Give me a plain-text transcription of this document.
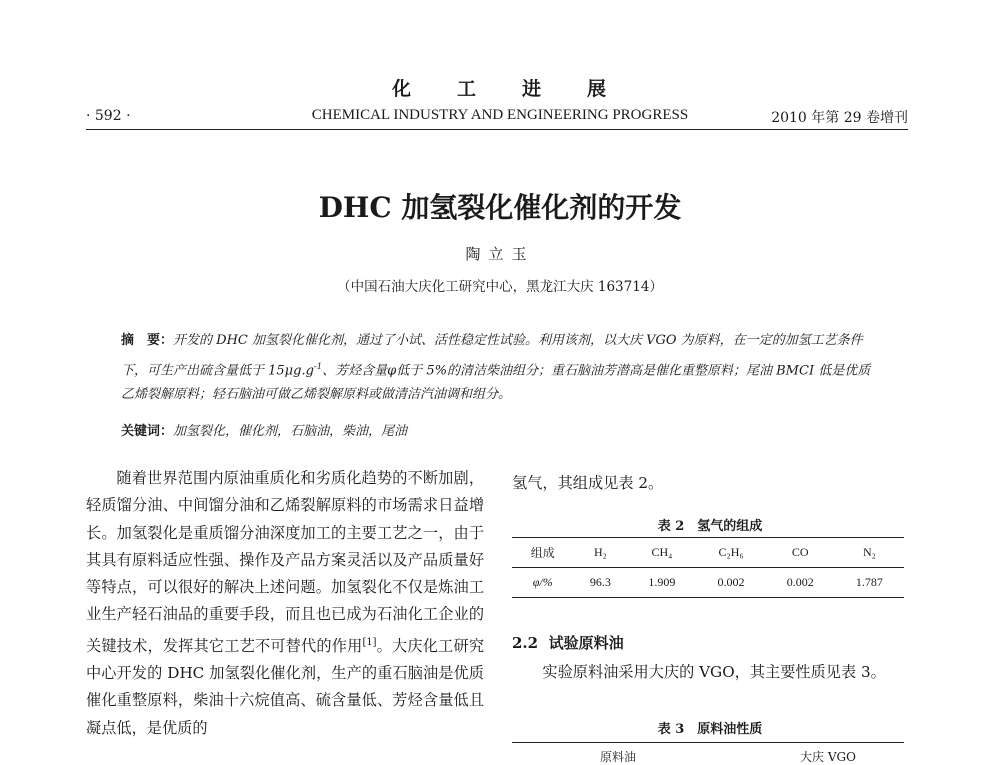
化 工 进 展
· 592 ·	CHEMICAL INDUSTRY AND ENGINEERING PROGRESS	2010 年第 29 卷增刊
DHC 加氢裂化催化剂的开发
陶立玉
（中国石油大庆化工研究中心，黑龙江大庆 163714）
摘　要：开发的 DHC 加氢裂化催化剂，通过了小试、活性稳定性试验。利用该剂，以大庆 VGO 为原料，在一定的加氢工艺条件下，可生产出硫含量低于 $15\mu g.g^{-1}$、芳烃含量φ低于 5%的清洁柴油组分；重石脑油芳潜高是催化重整原料；尾油 BMCI 低是优质乙烯裂解原料；轻石脑油可做乙烯裂解原料或做清洁汽油调和组分。
关键词：加氢裂化，催化剂，石脑油，柴油，尾油

随着世界范围内原油重质化和劣质化趋势的不断加剧，轻质馏分油、中间馏分油和乙烯裂解原料的市场需求日益增长。加氢裂化是重质馏分油深度加工的主要工艺之一，由于其具有原料适应性强、操作及产品方案灵活以及产品质量好等特点，可以很好的解决上述问题。加氢裂化不仅是炼油工业生产轻石油品的重要手段，而且也已成为石油化工企业的关键技术，发挥其它工艺不可替代的作用[1]。大庆化工研究中心开发的 DHC 加氢裂化催化剂，生产的重石脑油是优质催化重整原料，柴油十六烷值高、硫含量低、芳烃含量低且凝点低，是优质的

氢气，其组成见表 2。
表 2　氢气的组成
组成	H₂	CH₄	C₂H₆	CO	N₂
φ/%	96.3	1.909	0.002	0.002	1.787
2.2 试验原料油
实验原料油采用大庆的 VGO，其主要性质见表 3。
表 3　原料油性质
原料油	大庆 VGO
